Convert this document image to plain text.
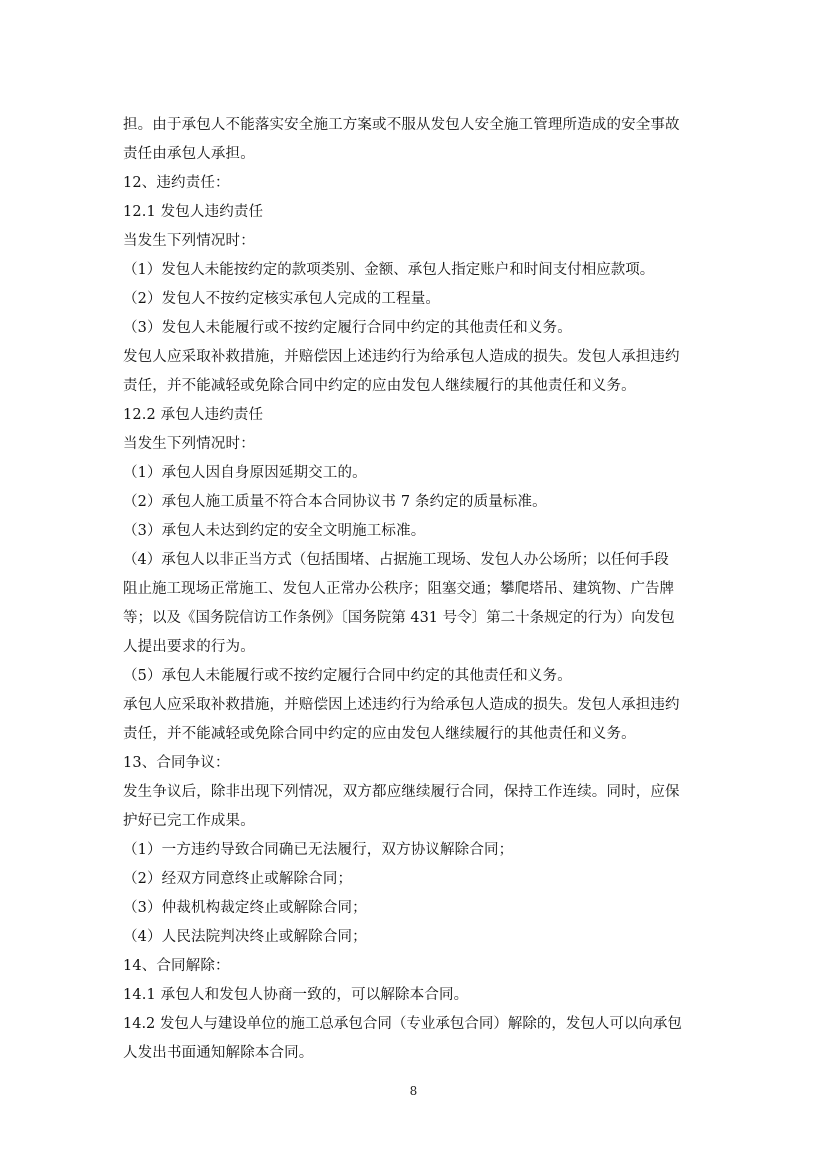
担。由于承包人不能落实安全施工方案或不服从发包人安全施工管理所造成的安全事故
责任由承包人承担。
12、违约责任：
12.1 发包人违约责任
当发生下列情况时：
（1）发包人未能按约定的款项类别、金额、承包人指定账户和时间支付相应款项。
（2）发包人不按约定核实承包人完成的工程量。
（3）发包人未能履行或不按约定履行合同中约定的其他责任和义务。
发包人应采取补救措施，并赔偿因上述违约行为给承包人造成的损失。发包人承担违约
责任，并不能减轻或免除合同中约定的应由发包人继续履行的其他责任和义务。
12.2 承包人违约责任
当发生下列情况时：
（1）承包人因自身原因延期交工的。
（2）承包人施工质量不符合本合同协议书 7 条约定的质量标准。
（3）承包人未达到约定的安全文明施工标准。
（4）承包人以非正当方式（包括围堵、占据施工现场、发包人办公场所；以任何手段
阻止施工现场正常施工、发包人正常办公秩序；阻塞交通；攀爬塔吊、建筑物、广告牌
等；以及《国务院信访工作条例》〔国务院第 431 号令〕第二十条规定的行为）向发包
人提出要求的行为。
（5）承包人未能履行或不按约定履行合同中约定的其他责任和义务。
承包人应采取补救措施，并赔偿因上述违约行为给承包人造成的损失。发包人承担违约
责任，并不能减轻或免除合同中约定的应由发包人继续履行的其他责任和义务。
13、合同争议：
发生争议后，除非出现下列情况，双方都应继续履行合同，保持工作连续。同时，应保
护好已完工作成果。
（1）一方违约导致合同确已无法履行，双方协议解除合同；
（2）经双方同意终止或解除合同；
（3）仲裁机构裁定终止或解除合同；
（4）人民法院判决终止或解除合同；
14、合同解除：
14.1 承包人和发包人协商一致的，可以解除本合同。
14.2 发包人与建设单位的施工总承包合同（专业承包合同）解除的，发包人可以向承包
人发出书面通知解除本合同。
8
